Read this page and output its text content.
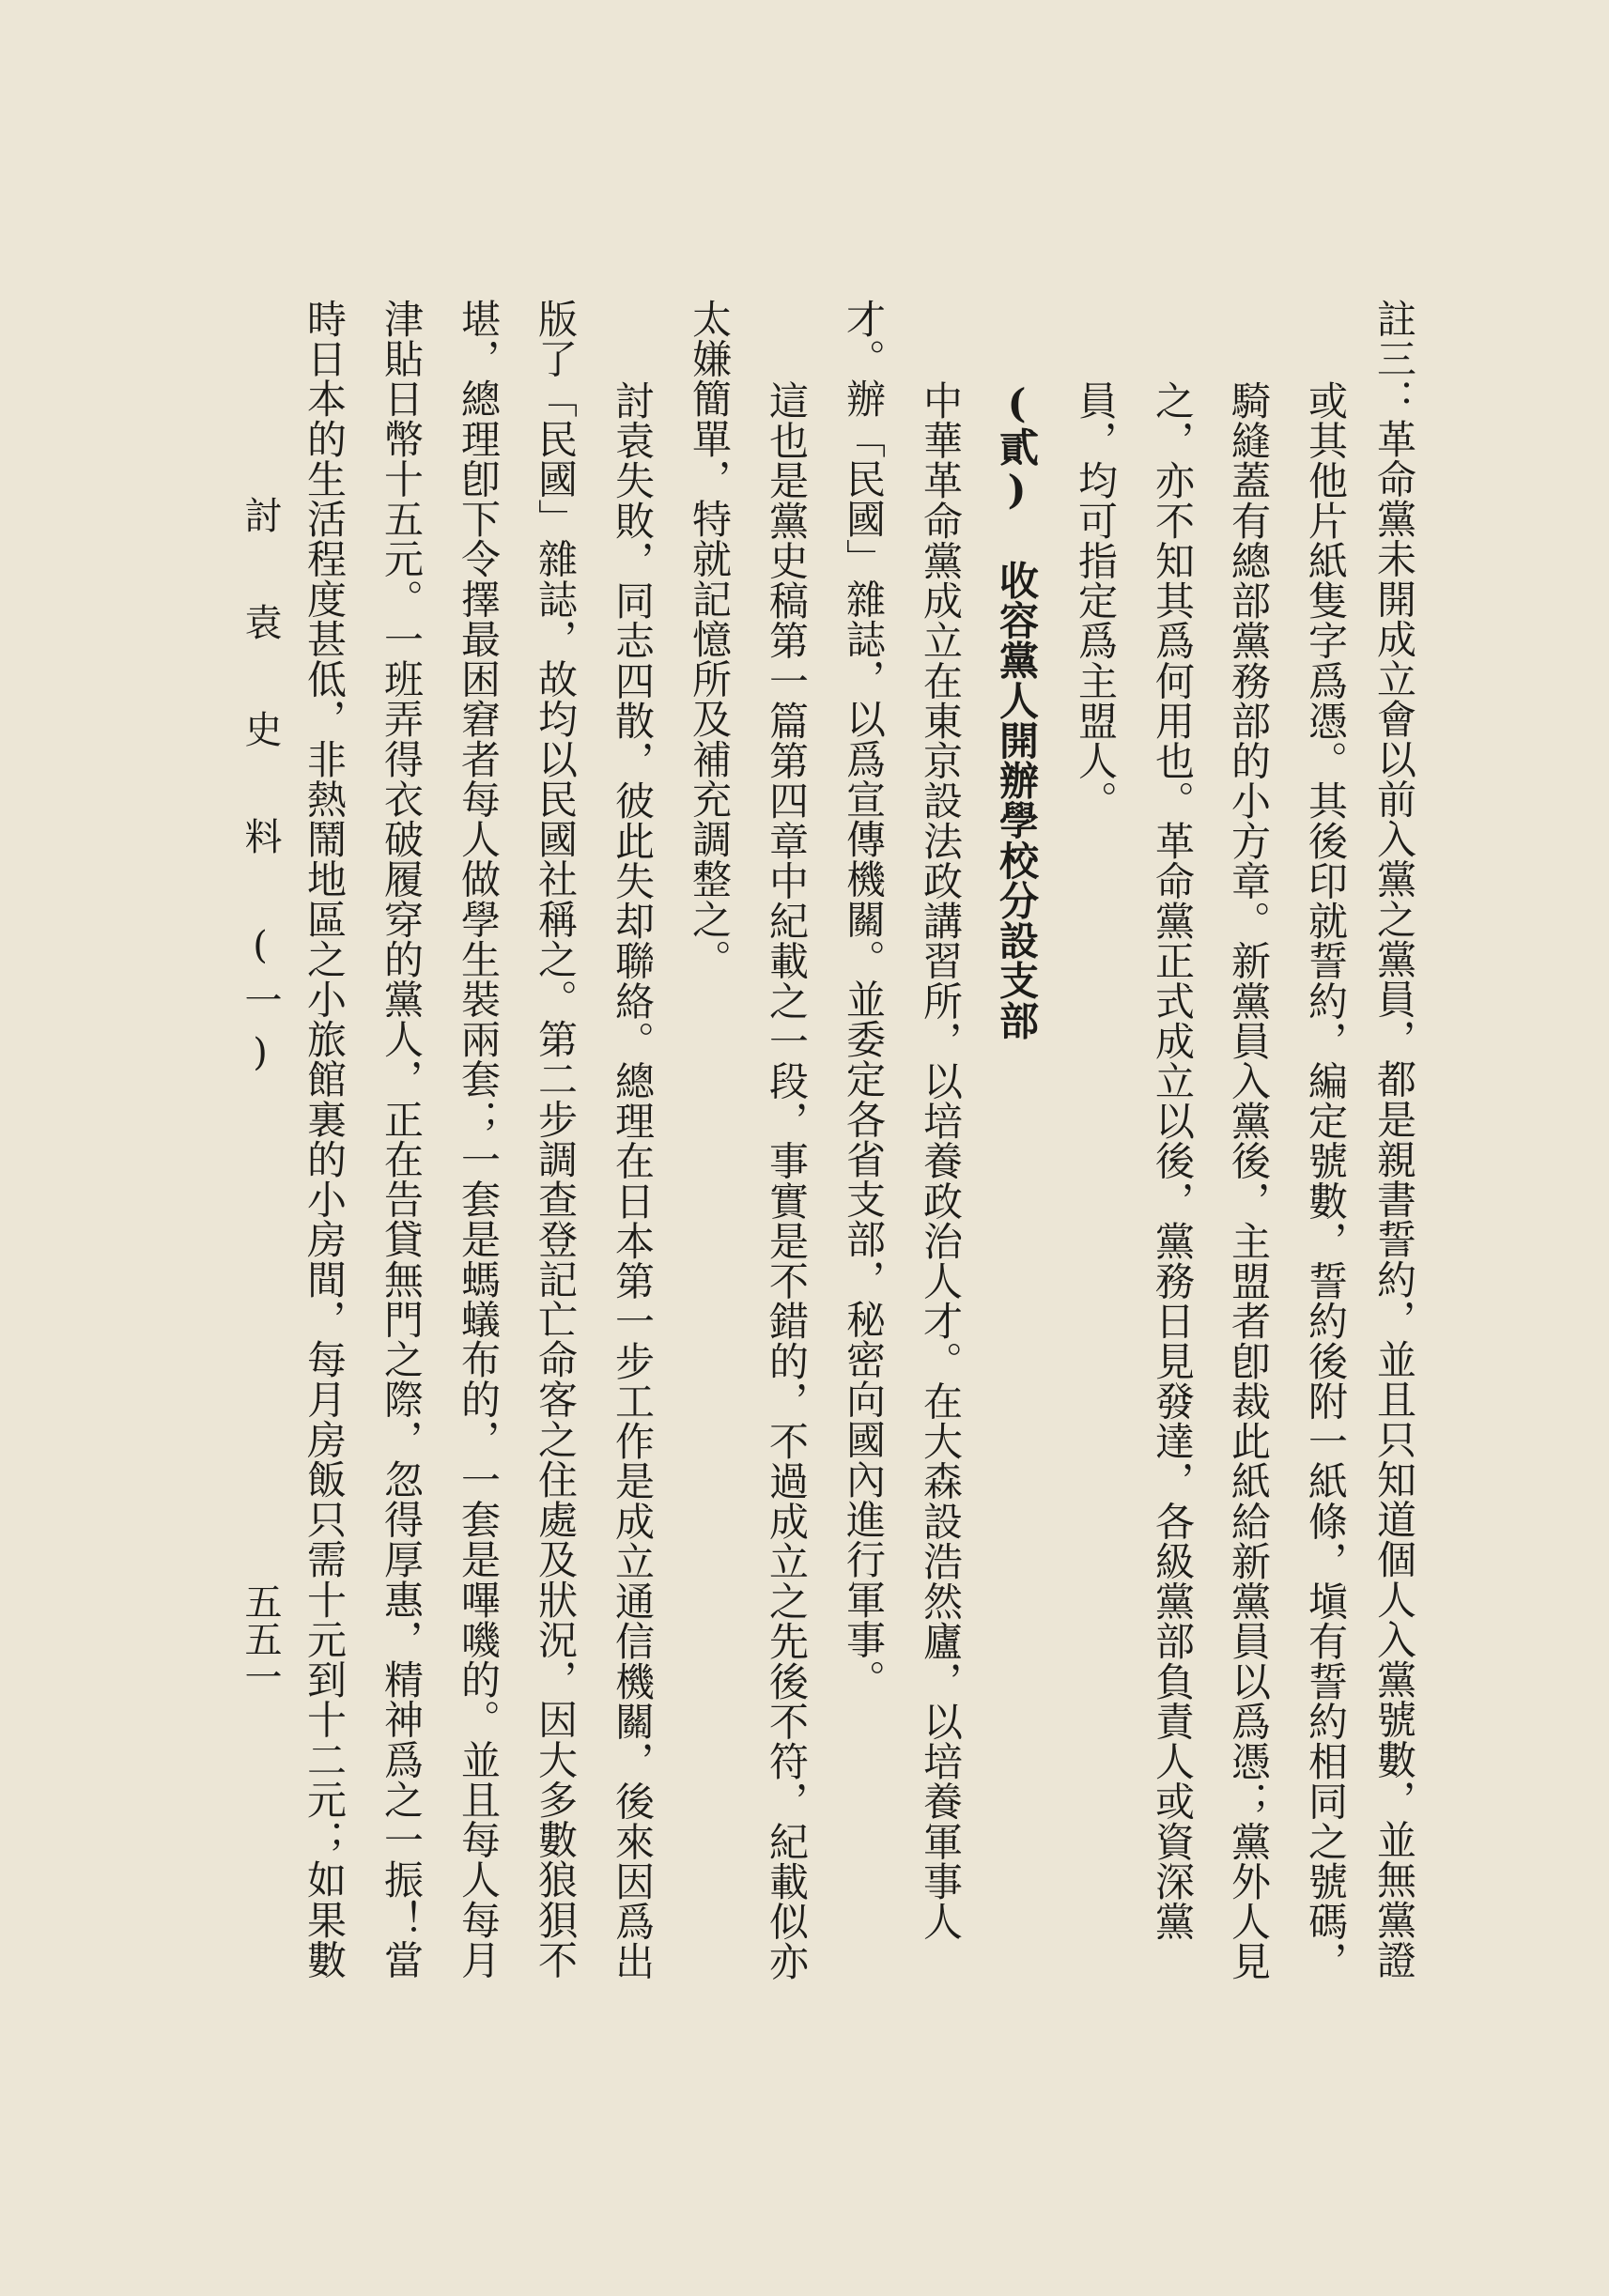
註三：革命黨未開成立會以前入黨之黨員，都是親書誓約，並且只知道個人入黨號數，並無黨證
或其他片紙隻字爲憑。其後印就誓約，編定號數，誓約後附一紙條，塡有誓約相同之號碼，
騎縫蓋有總部黨務部的小方章。新黨員入黨後，主盟者卽裁此紙給新黨員以爲憑；黨外人見
之，亦不知其爲何用也。革命黨正式成立以後，黨務日見發達，各級黨部負責人或資深黨
員，均可指定爲主盟人。
(貳) 收容黨人開辦學校分設支部
中華革命黨成立在東京設法政講習所，以培養政治人才。在大森設浩然廬，以培養軍事人
才。辦「民國」雜誌，以爲宣傳機關。並委定各省支部，秘密向國內進行軍事。
這也是黨史稿第一篇第四章中紀載之一段，事實是不錯的，不過成立之先後不符，紀載似亦
太嫌簡單，特就記憶所及補充調整之。
討袁失敗，同志四散，彼此失却聯絡。總理在日本第一步工作是成立通信機關，後來因爲出
版了「民國」雜誌，故均以民國社稱之。第二步調查登記亡命客之住處及狀況，因大多數狼狽不
堪，總理卽下令擇最困窘者每人做學生裝兩套；一套是螞蟻布的，一套是嗶嘰的。並且每人每月
津貼日幣十五元。一班弄得衣破履穿的黨人，正在告貸無門之際，忽得厚惠，精神爲之一振！當
時日本的生活程度甚低，非熱鬧地區之小旅館裏的小房間，每月房飯只需十元到十二元；如果數
討 袁 史 料 (一)
五五一
